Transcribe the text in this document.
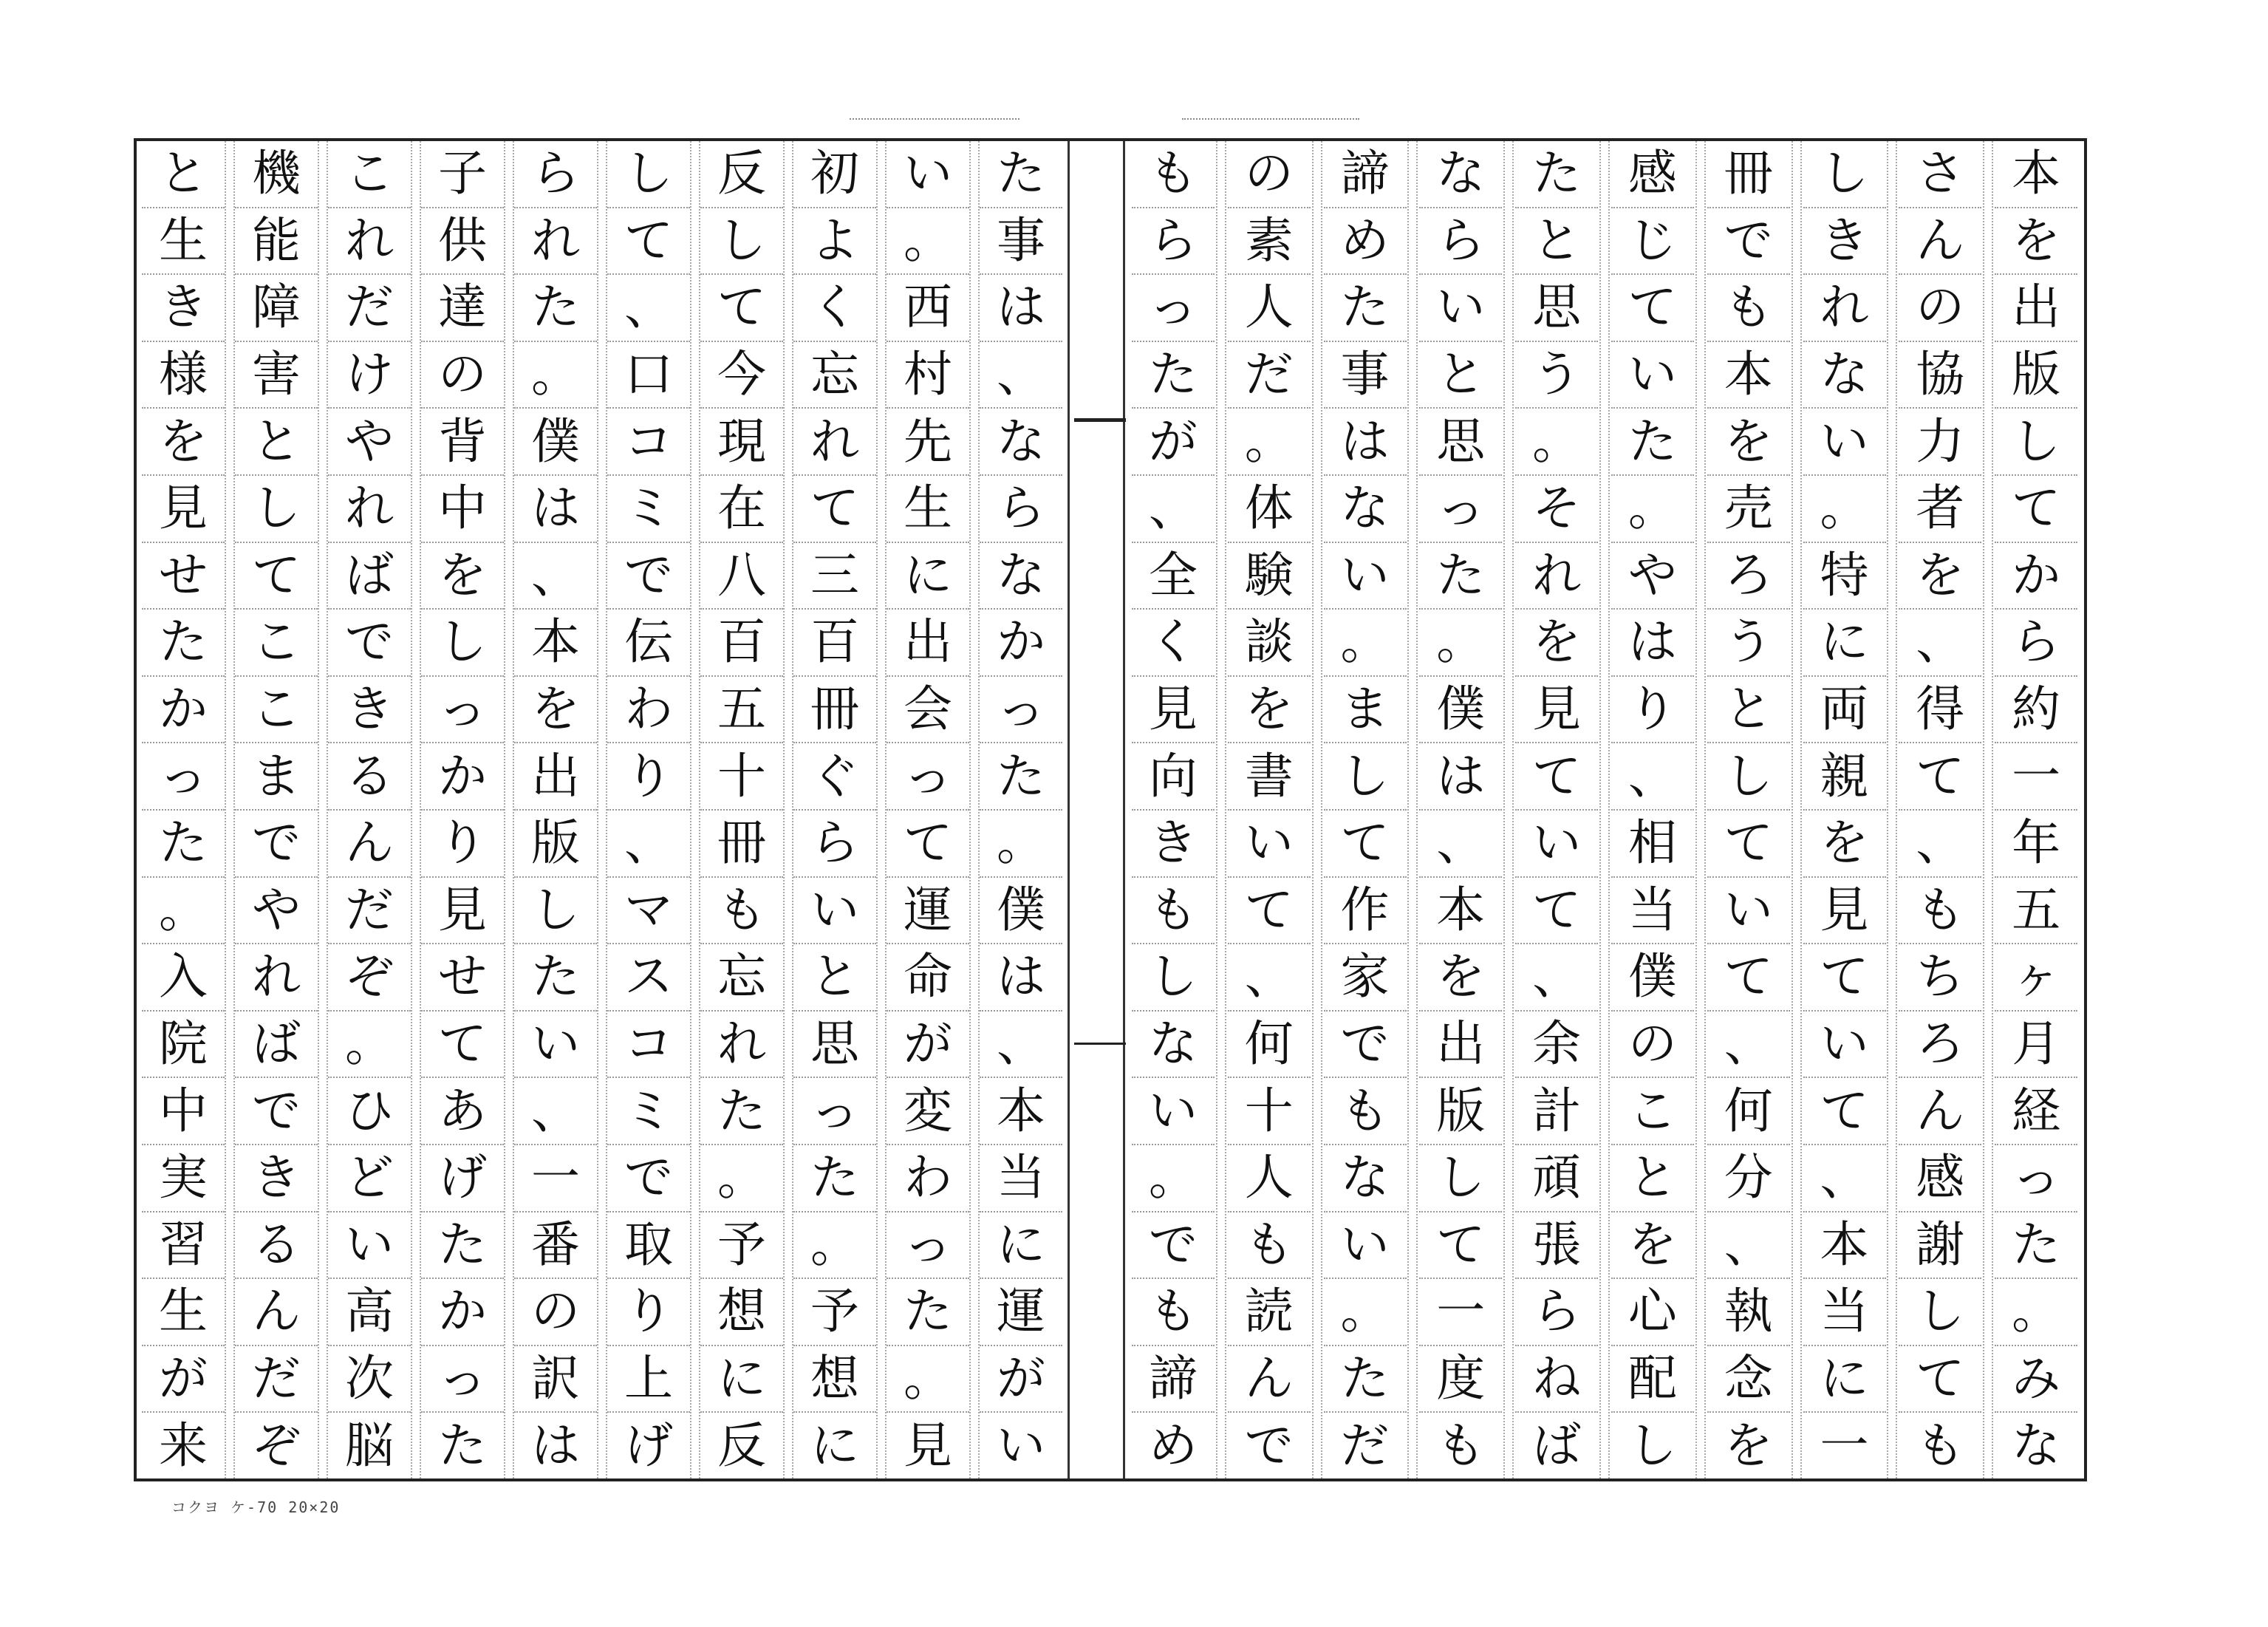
た
事
は
、
な
ら
な
か
っ
た
。
僕
は
、
本
当
に
運
が
い
い
。
西
村
先
生
に
出
会
っ
て
運
命
が
変
わ
っ
た
。
見
初
よ
く
忘
れ
て
三
百
冊
ぐ
ら
い
と
思
っ
た
。
予
想
に
反
し
て
今
現
在
八
百
五
十
冊
も
忘
れ
た
。
予
想
に
反
し
て
、
口
コ
ミ
で
伝
わ
り
、
マ
ス
コ
ミ
で
取
り
上
げ
ら
れ
た
。
僕
は
、
本
を
出
版
し
た
い
、
一
番
の
訳
は
子
供
達
の
背
中
を
し
っ
か
り
見
せ
て
あ
げ
た
か
っ
た
こ
れ
だ
け
や
れ
ば
で
き
る
ん
だ
ぞ
。
ひ
ど
い
高
次
脳
機
能
障
害
と
し
て
こ
こ
ま
で
や
れ
ば
で
き
る
ん
だ
ぞ
と
生
き
様
を
見
せ
た
か
っ
た
。
入
院
中
実
習
生
が
来
本
を
出
版
し
て
か
ら
約
一
年
五
ヶ
月
経
っ
た
。
み
な
さ
ん
の
協
力
者
を
、
得
て
、
も
ち
ろ
ん
感
謝
し
て
も
し
き
れ
な
い
。
特
に
両
親
を
見
て
い
て
、
本
当
に
一
冊
で
も
本
を
売
ろ
う
と
し
て
い
て
、
何
分
、
執
念
を
感
じ
て
い
た
。
や
は
り
、
相
当
僕
の
こ
と
を
心
配
し
た
と
思
う
。
そ
れ
を
見
て
い
て
、
余
計
頑
張
ら
ね
ば
な
ら
い
と
思
っ
た
。
僕
は
、
本
を
出
版
し
て
一
度
も
諦
め
た
事
は
な
い
。
ま
し
て
作
家
で
も
な
い
。
た
だ
の
素
人
だ
。
体
験
談
を
書
い
て
、
何
十
人
も
読
ん
で
も
ら
っ
た
が
、
全
く
見
向
き
も
し
な
い
。
で
も
諦
め
コクヨ ケ-70 20×20
